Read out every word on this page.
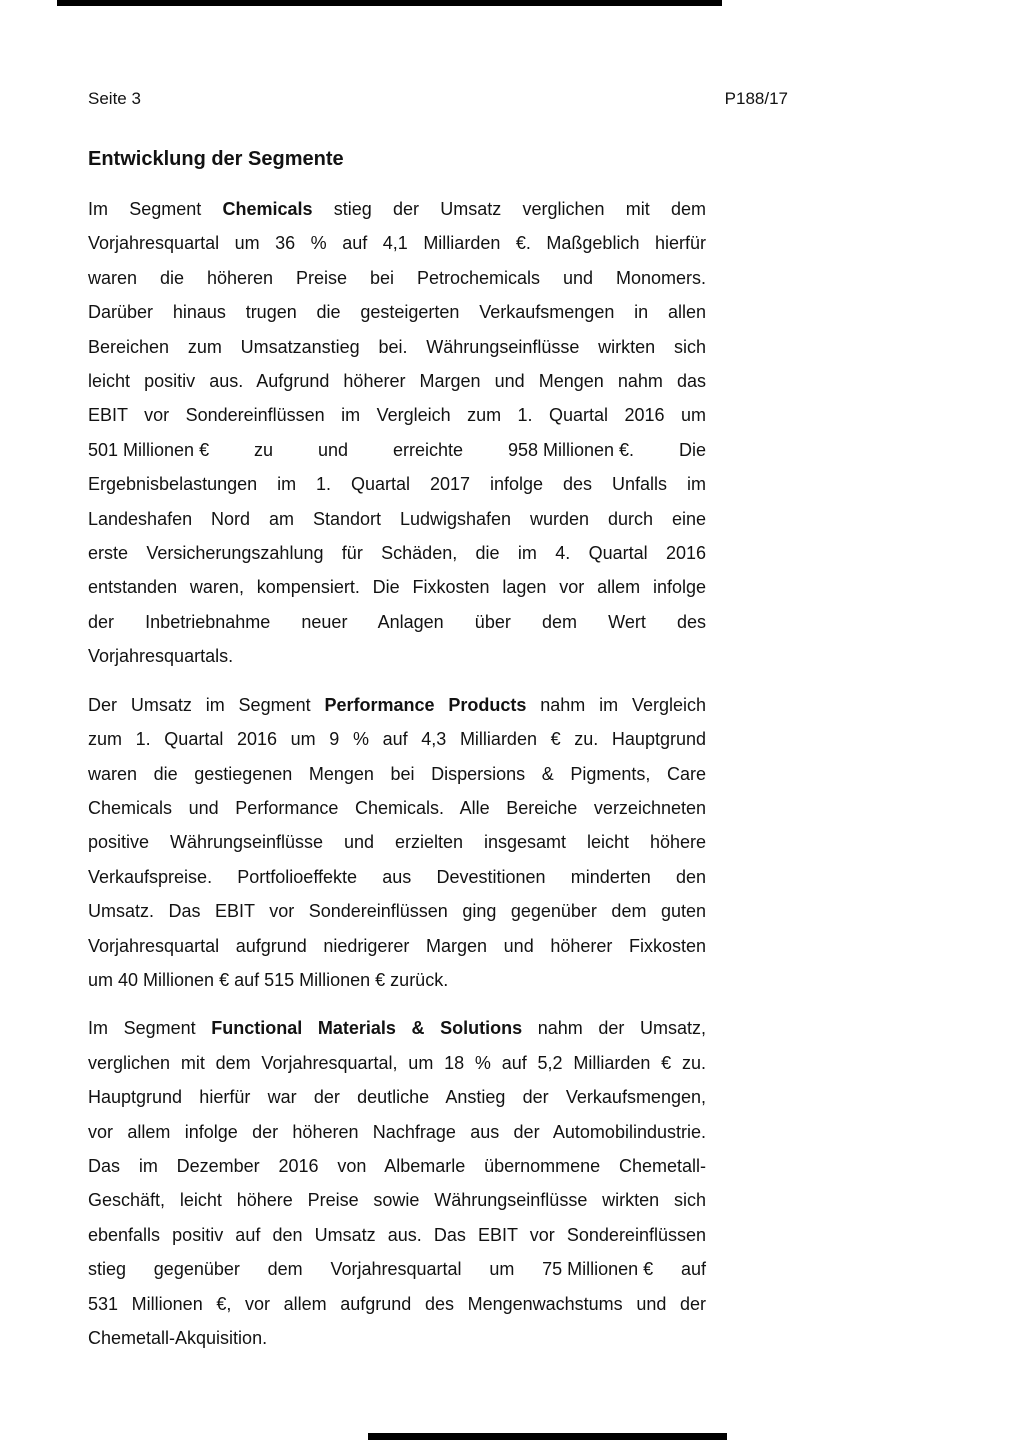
Seite 3	P188/17
Entwicklung der Segmente
Im Segment Chemicals stieg der Umsatz verglichen mit dem
Vorjahresquartal um 36 % auf 4,1 Milliarden €. Maßgeblich hierfür
waren die höheren Preise bei Petrochemicals und Monomers.
Darüber hinaus trugen die gesteigerten Verkaufsmengen in allen
Bereichen zum Umsatzanstieg bei. Währungseinflüsse wirkten sich
leicht positiv aus. Aufgrund höherer Margen und Mengen nahm das
EBIT vor Sondereinflüssen im Vergleich zum 1. Quartal 2016 um
501 Millionen € zu und erreichte 958 Millionen €. Die
Ergebnisbelastungen im 1. Quartal 2017 infolge des Unfalls im
Landeshafen Nord am Standort Ludwigshafen wurden durch eine
erste Versicherungszahlung für Schäden, die im 4. Quartal 2016
entstanden waren, kompensiert. Die Fixkosten lagen vor allem infolge
der Inbetriebnahme neuer Anlagen über dem Wert des
Vorjahresquartals.
Der Umsatz im Segment Performance Products nahm im Vergleich
zum 1. Quartal 2016 um 9 % auf 4,3 Milliarden € zu. Hauptgrund
waren die gestiegenen Mengen bei Dispersions & Pigments, Care
Chemicals und Performance Chemicals. Alle Bereiche verzeichneten
positive Währungseinflüsse und erzielten insgesamt leicht höhere
Verkaufspreise. Portfolioeffekte aus Devestitionen minderten den
Umsatz. Das EBIT vor Sondereinflüssen ging gegenüber dem guten
Vorjahresquartal aufgrund niedrigerer Margen und höherer Fixkosten
um 40 Millionen € auf 515 Millionen € zurück.
Im Segment Functional Materials & Solutions nahm der Umsatz,
verglichen mit dem Vorjahresquartal, um 18 % auf 5,2 Milliarden € zu.
Hauptgrund hierfür war der deutliche Anstieg der Verkaufsmengen,
vor allem infolge der höheren Nachfrage aus der Automobilindustrie.
Das im Dezember 2016 von Albemarle übernommene Chemetall-
Geschäft, leicht höhere Preise sowie Währungseinflüsse wirkten sich
ebenfalls positiv auf den Umsatz aus. Das EBIT vor Sondereinflüssen
stieg gegenüber dem Vorjahresquartal um 75 Millionen € auf
531 Millionen €, vor allem aufgrund des Mengenwachstums und der
Chemetall-Akquisition.
